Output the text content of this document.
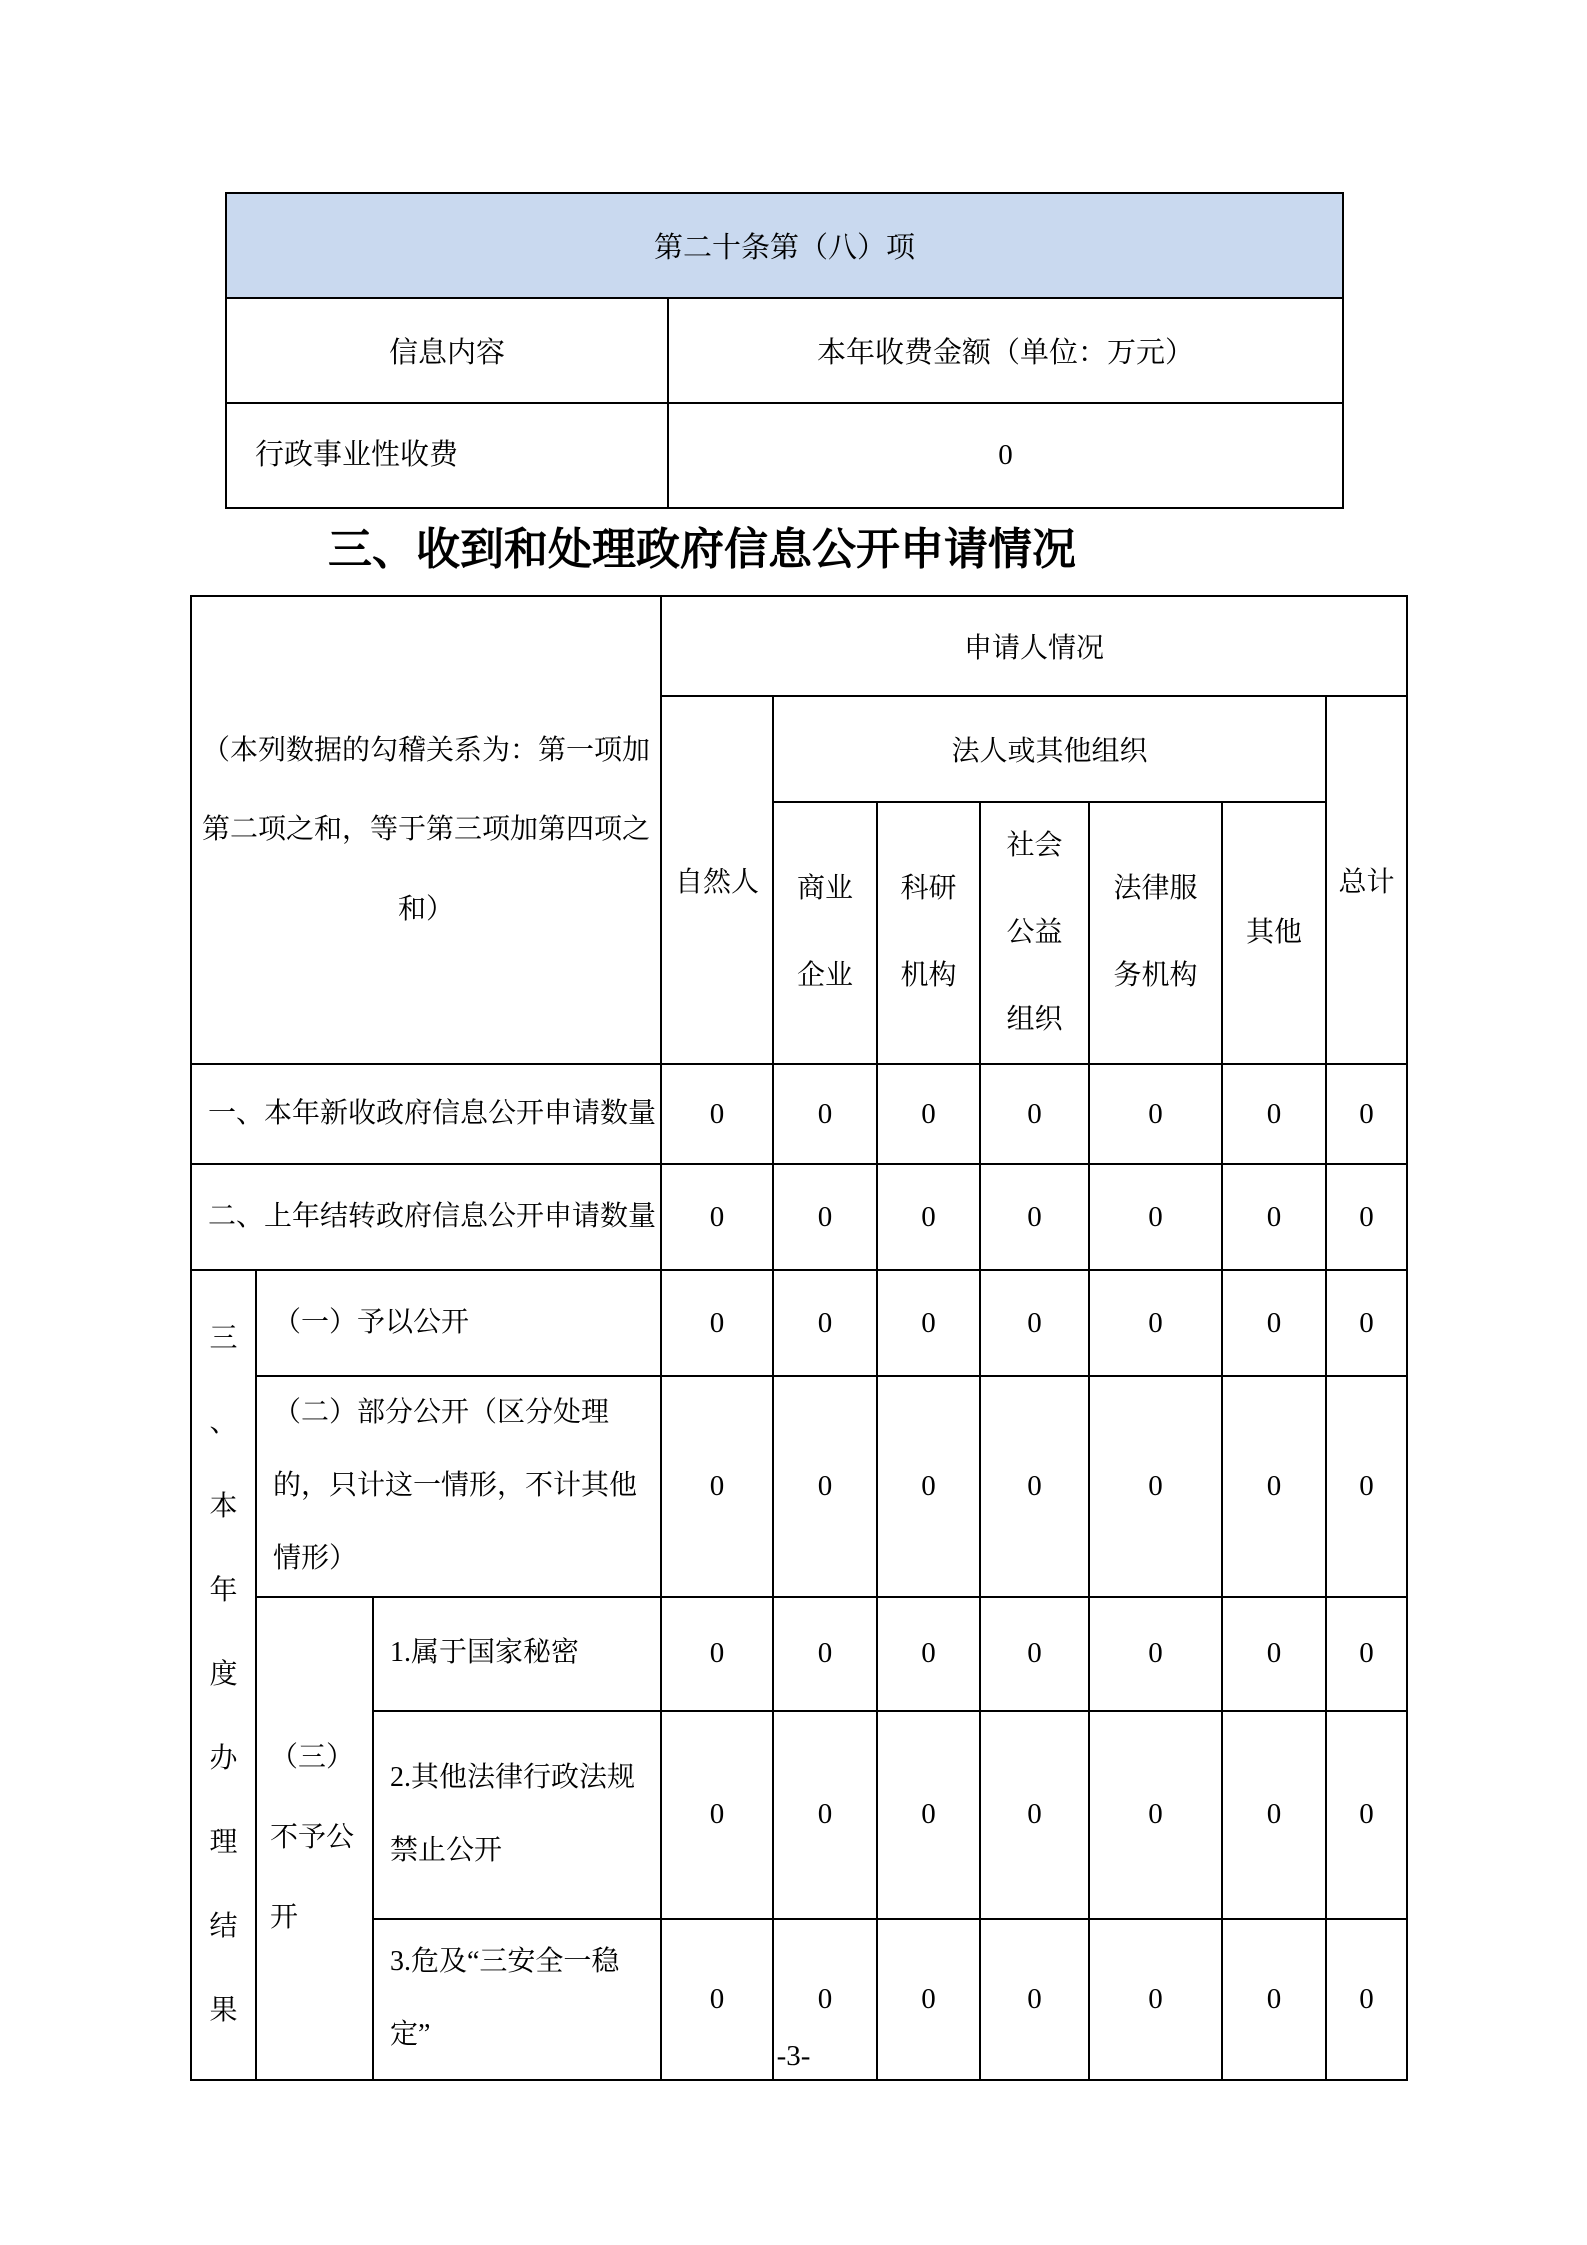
第二十条第（八）项	
信息内容	本年收费金额（单位：万元）
行政事业性收费	0
三、收到和处理政府信息公开申请情况
（本列数据的勾稽关系为：第一项加第二项之和，等于第三项加第四项之和）			申请人情况						
			自然人	法人或其他组织					总计
				商业企业	科研机构	社会公益组织	法律服务机构	其他	
一、本年新收政府信息公开申请数量			0	0	0	0	0	0	0
二、上年结转政府信息公开申请数量			0	0	0	0	0	0	0
三、本年度办理结果	（一）予以公开		0	0	0	0	0	0	0
	（二）部分公开（区分处理的，只计这一情形，不计其他情形）		0	0	0	0	0	0	0
	（三）不予公开	1.属于国家秘密	0	0	0	0	0	0	0
		2.其他法律行政法规禁止公开	0	0	0	0	0	0	0
		3.危及“三安全一稳定”	0	0	0	0	0	0	0
-3-
